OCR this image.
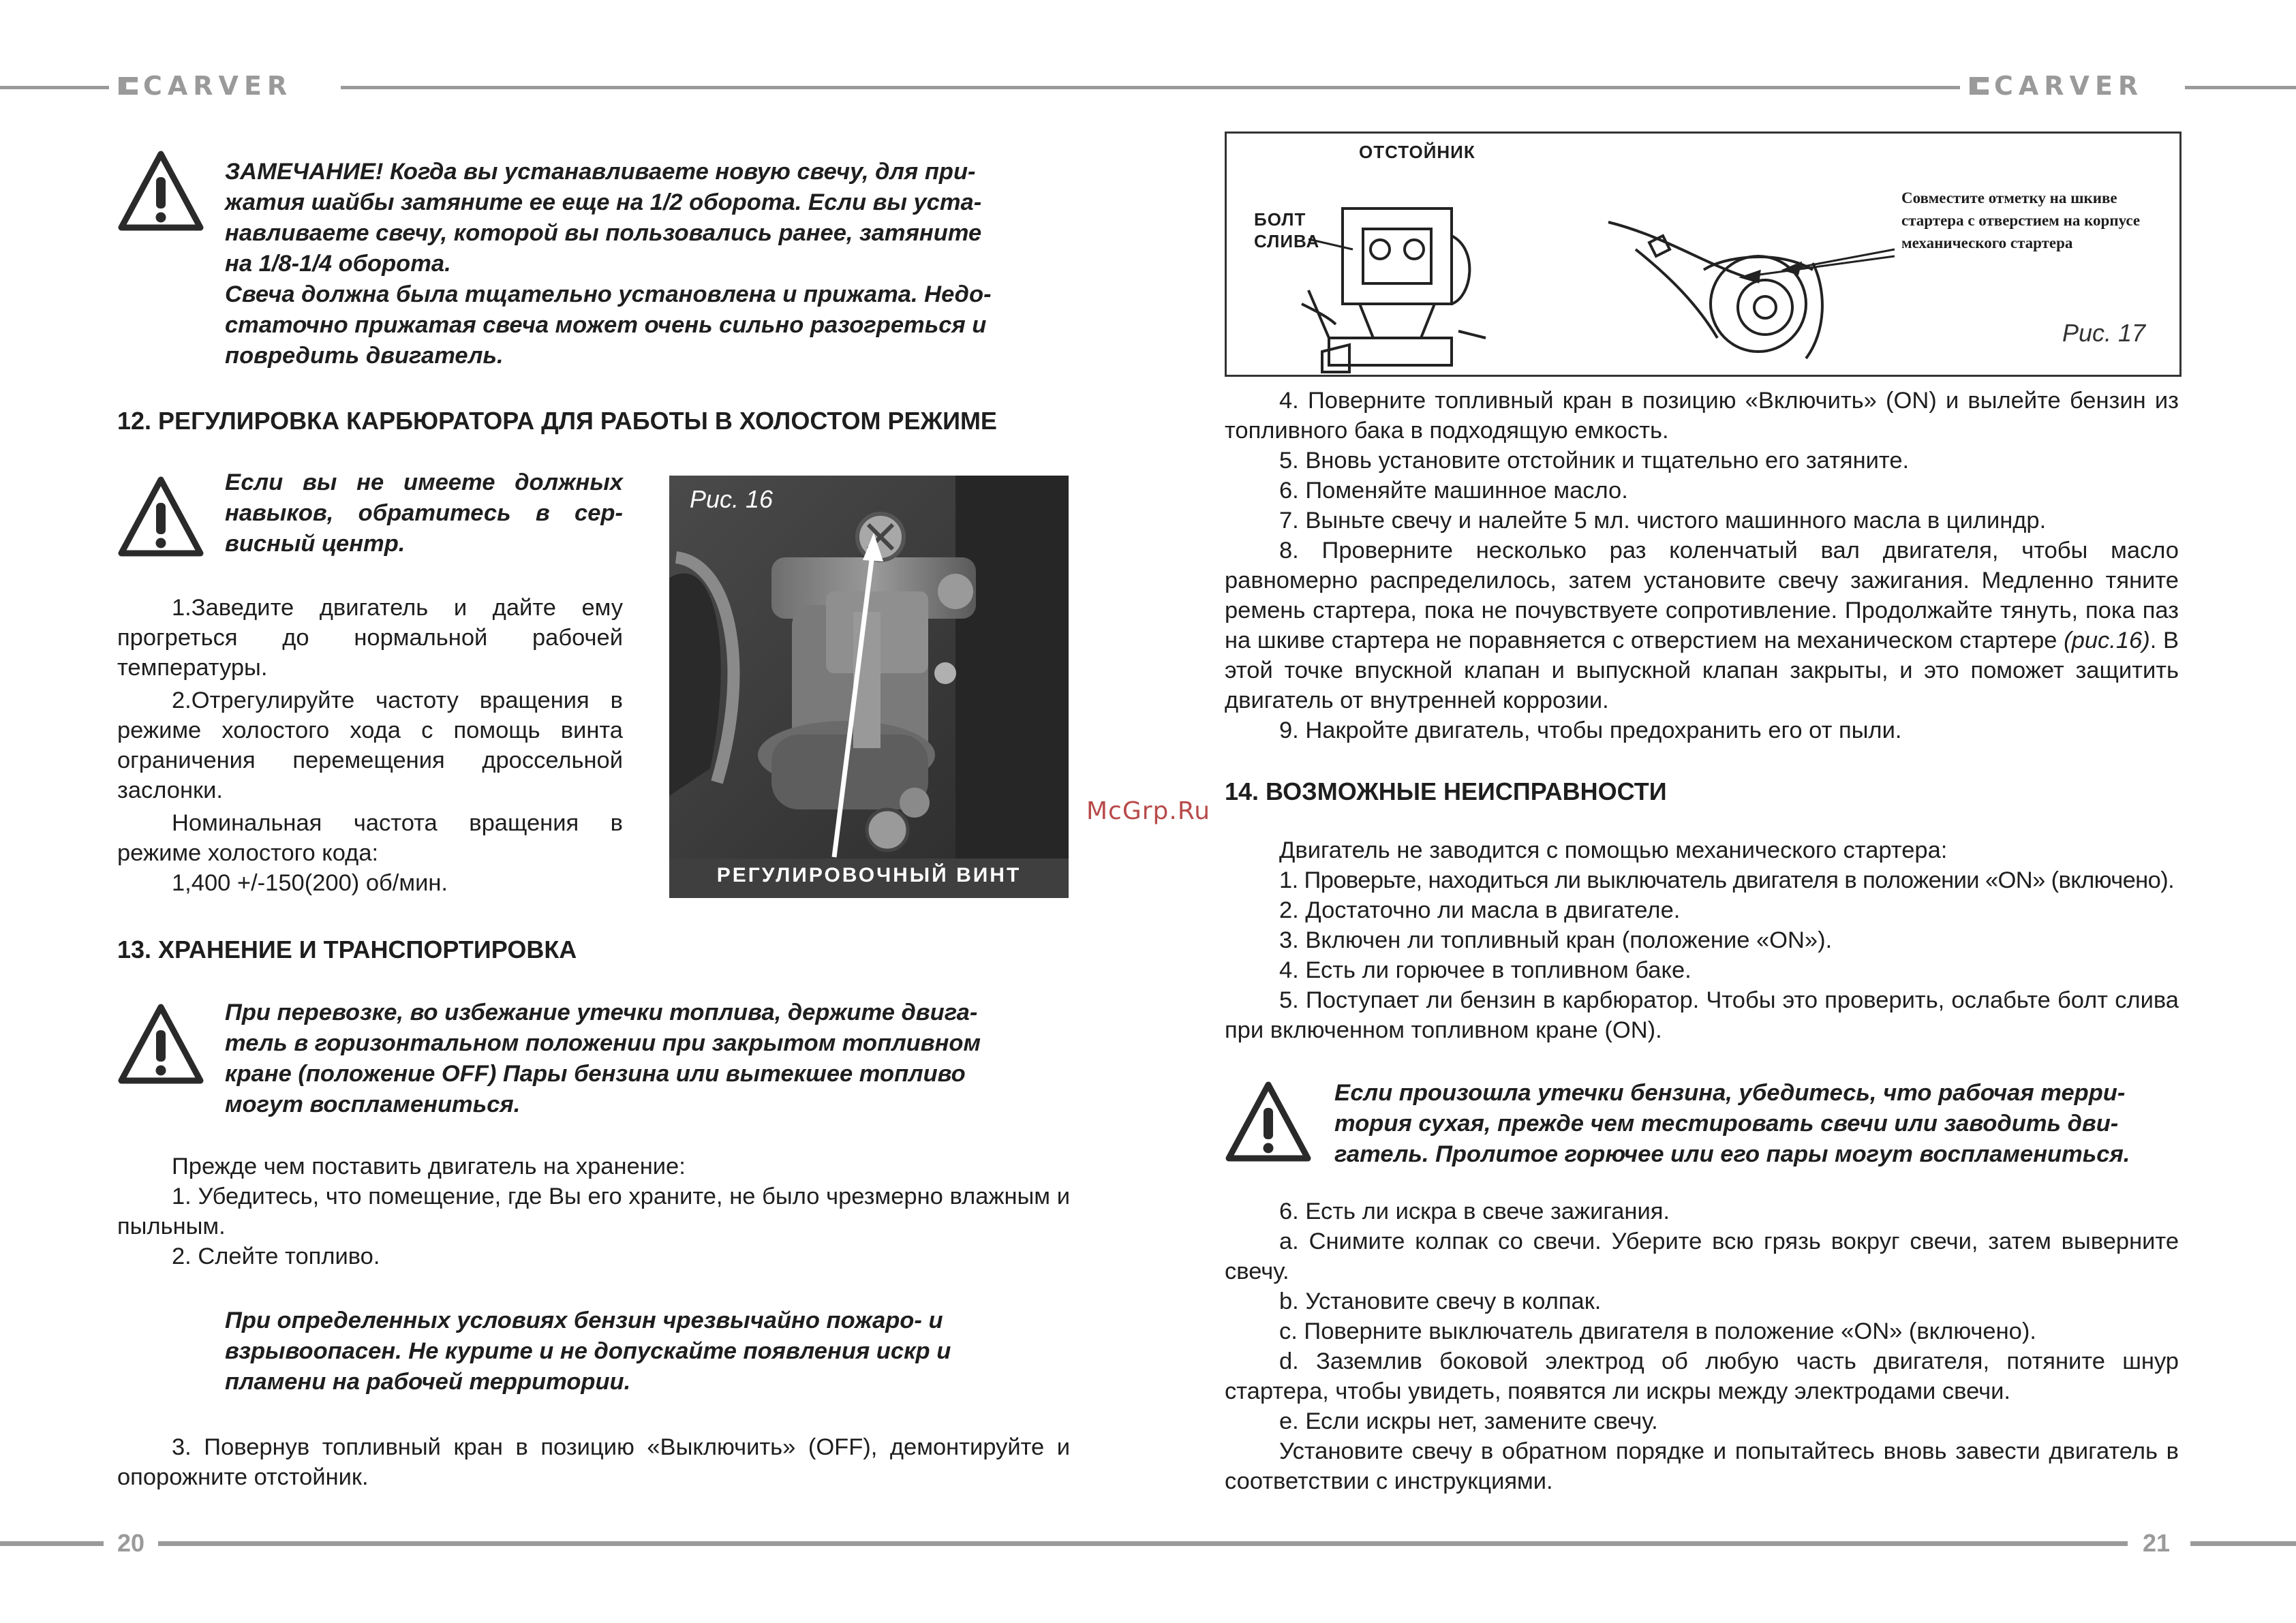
CARVER

ЗАМЕЧАНИЕ! Когда вы устанавливаете новую свечу, для при-

жатия шайбы затяните ее еще на 1/2 оборота. Если вы уста-

навливаете свечу, которой вы пользовались ранее, затяните

на 1/8-1/4 оборота.

Свеча должна была тщательно установлена и прижата. Недо-

статочно прижатая свеча может очень сильно разогреться и

повредить двигатель.

12. РЕГУЛИРОВКА КАРБЮРАТОРА ДЛЯ РАБОТЫ В ХОЛОСТОМ РЕЖИМЕ

Если вы не имеете должных

навыков, обратитесь в сер-

висный центр.

1.Заведите двигатель и дайте ему прогреться до нормальной рабочей температуры.

2.Отрегулируйте частоту вращения в режиме холостого хода с помощь винта ограничения перемещения дроссельной заслонки.

Номинальная частота вращения в режиме холостого кода:

1,400 +/-150(200) об/мин.

Рис. 16
РЕГУЛИРОВОЧНЫЙ ВИНТ
13. ХРАНЕНИЕ И ТРАНСПОРТИРОВКА

При перевозке, во избежание утечки топлива, держите двига-

тель в горизонтальном положении при закрытом топливном

кране (положение OFF) Пары бензина или вытекшее топливо

могут воспламениться.

Прежде чем поставить двигатель на хранение:

1. Убедитесь, что помещение, где Вы его храните, не было чрезмерно влажным и пыльным.

2. Слейте топливо.

При определенных условиях бензин чрезвычайно пожаро- и

взрывоопасен. Не курите и не допускайте появления искр и

пламени на рабочей территории.

3. Повернув топливный кран в позицию «Выключить» (OFF), демонтируйте и опорожните отстойник.

20
CARVER
21
ОТСТОЙНИК
БОЛТ
СЛИВА
Совместите отметку на шкиве
стартера с отверстием на корпусе
механического стартера
Рис. 17

4. Поверните топливный кран в позицию «Включить» (ON) и вылейте бензин из топливного бака в подходящую емкость.

5. Вновь установите отстойник и тщательно его затяните.

6. Поменяйте машинное масло.

7. Выньте свечу и налейте 5 мл. чистого машинного масла в цилиндр.

8. Проверните несколько раз коленчатый вал двигателя, чтобы масло равномерно распределилось, затем установите свечу зажигания. Медленно тяните ремень стартера, пока не почувствуете сопротивление. Продолжайте тянуть, пока паз на шкиве стартера не поравняется с отверстием на механическом стартере (рис.16). В этой точке впускной клапан и выпускной клапан закрыты, и это поможет защитить двигатель от внутренней коррозии.

9. Накройте двигатель, чтобы предохранить его от пыли.

14. ВОЗМОЖНЫЕ НЕИСПРАВНОСТИ

Двигатель не заводится с помощью механического стартера:

1. Проверьте, находиться ли выключатель двигателя в положении «ON» (включено).

2. Достаточно ли масла в двигателе.

3. Включен ли топливный кран (положение «ON»).

4. Есть ли горючее в топливном баке.

5. Поступает ли бензин в карбюратор. Чтобы это проверить, ослабьте болт слива при включенном топливном кране (ON).

Если произошла утечки бензина, убедитесь, что рабочая терри-

тория сухая, прежде чем тестировать свечи или заводить дви-

гатель. Пролитое горючее или его пары могут воспламениться.

6. Есть ли искра в свече зажигания.

a. Снимите колпак со свечи. Уберите всю грязь вокруг свечи, затем выверните свечу.

b. Установите свечу в колпак.

c. Поверните выключатель двигателя в положение «ON» (включено).

d. Заземлив боковой электрод об любую часть двигателя, потяните шнур стартера, чтобы увидеть, появятся ли искры между электродами свечи.

e. Если искры нет, замените свечу.

Установите свечу в обратном порядке и попытайтесь вновь завести двигатель в соответствии с инструкциями.

McGrp.Ru
